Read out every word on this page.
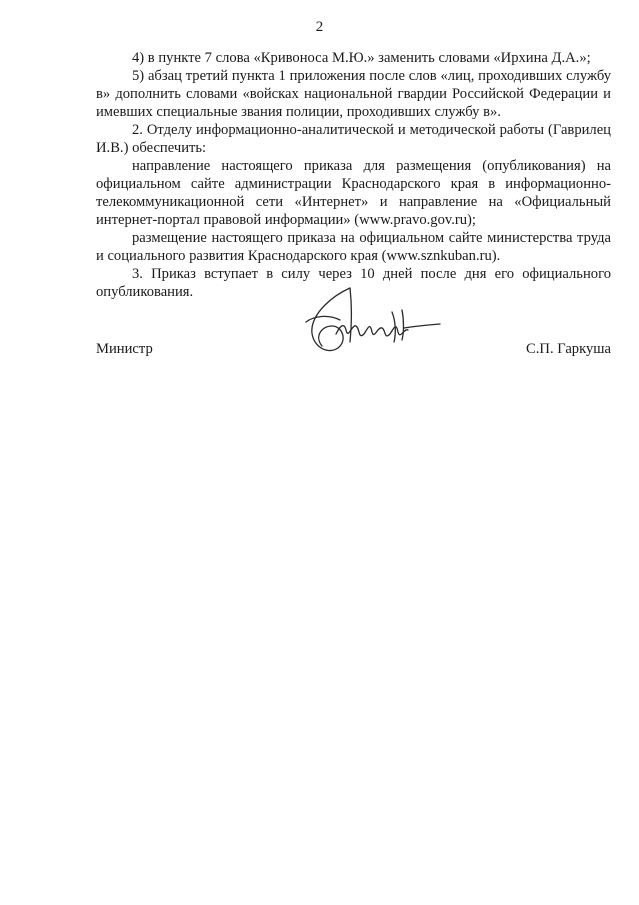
2

4) в пункте 7 слова «Кривоноса М.Ю.» заменить словами «Ирхина Д.А.»;

5) абзац третий пункта 1 приложения после слов «лиц, проходивших службу в» дополнить словами «войсках национальной гвардии Российской Федерации и имевших специальные звания полиции, проходивших службу в».

2. Отделу информационно-аналитической и методической работы (Гаврилец И.В.) обеспечить:

направление настоящего приказа для размещения (опубликования) на официальном сайте администрации Краснодарского края в информационно-телекоммуникационной сети «Интернет» и направление на «Официальный интернет-портал правовой информации» (www.pravo.gov.ru);

размещение настоящего приказа на официальном сайте министерства труда и социального развития Краснодарского края (www.sznkuban.ru).

3. Приказ вступает в силу через 10 дней после дня его официального опубликования.

Министр	С.П. Гаркуша
